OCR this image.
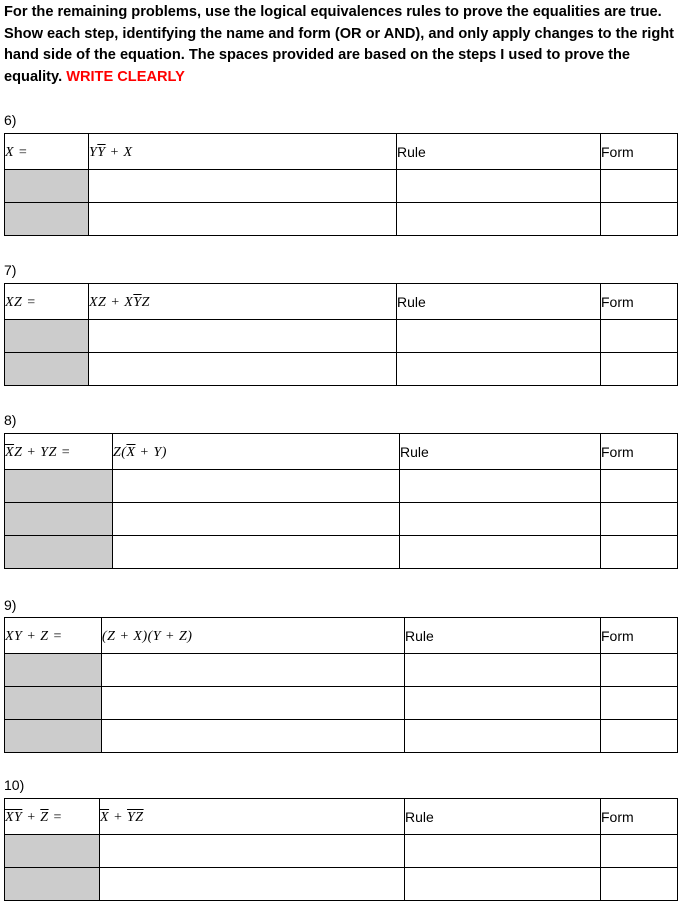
For the remaining problems, use the logical equivalences rules to prove the equalities are true. Show each step, identifying the name and form (OR or AND), and only apply changes to the right hand side of the equation. The spaces provided are based on the steps I used to prove the equality. WRITE CLEARLY
6)
X =	$Y\overline{Y} + X$	Rule	Form

7)
XZ =	XZ + $X\overline{Y}Z$	Rule	Form

8)
$\overline{X}Z$ + YZ =	$Z(\overline{X} + Y)$	Rule	Form

9)
XY + Z =	(Z + X)(Y + Z)	Rule	Form

10)
$\overline{XY} + \overline{Z}$ =	$\overline{X} + \overline{YZ}$	Rule	Form
